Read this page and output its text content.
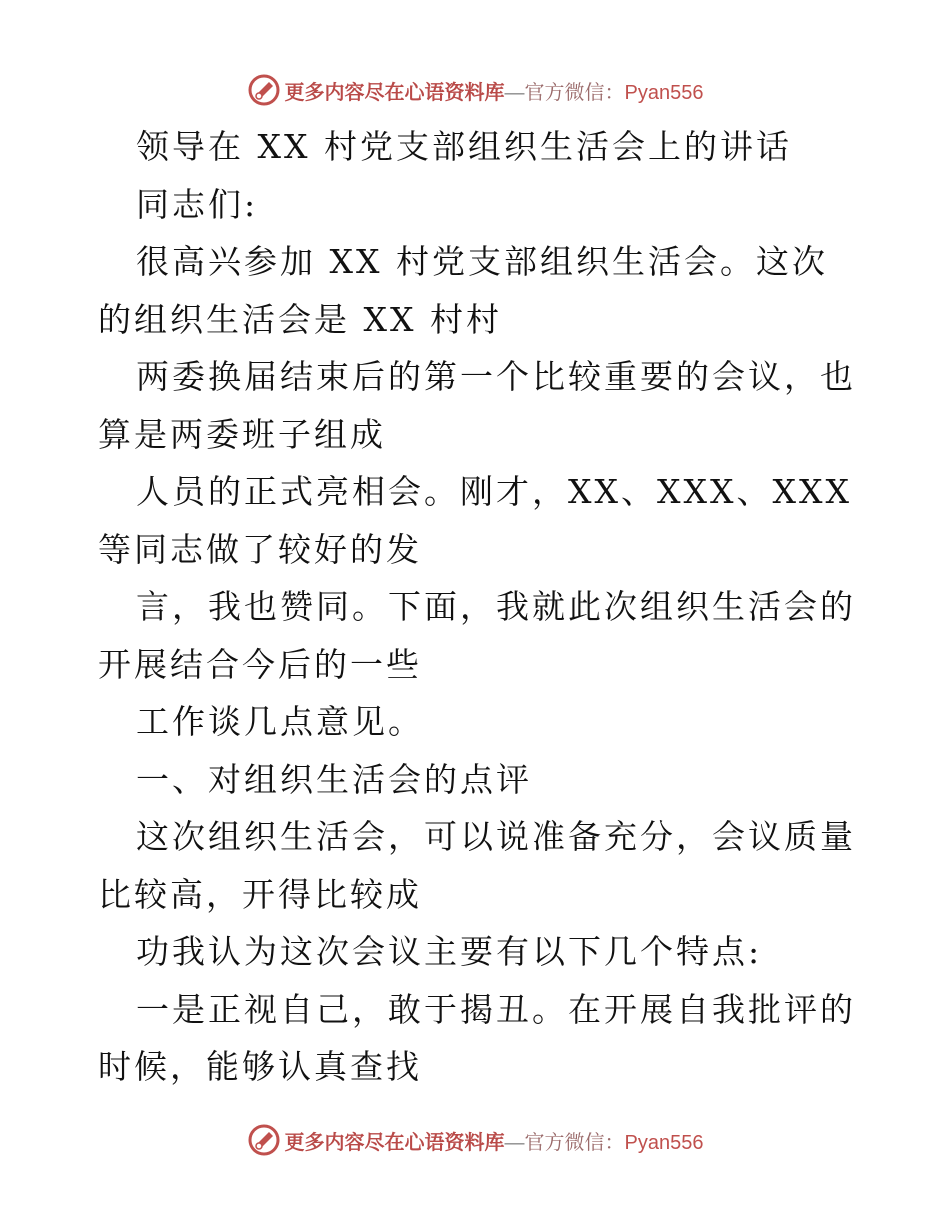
更多内容尽在心语资料库—官方微信：Pyan556

领导在 XX 村党支部组织生活会上的讲话

同志们:

很高兴参加 XX 村党支部组织生活会。这次的组织生活会是 XX 村村

两委换届结束后的第一个比较重要的会议，也算是两委班子组成

人员的正式亮相会。刚才，XX、XXX、XXX 等同志做了较好的发

言，我也赞同。下面，我就此次组织生活会的开展结合今后的一些

工作谈几点意见。

一、对组织生活会的点评

这次组织生活会，可以说准备充分，会议质量比较高，开得比较成

功我认为这次会议主要有以下几个特点:

一是正视自己，敢于揭丑。在开展自我批评的时候，能够认真查找

更多内容尽在心语资料库—官方微信：Pyan556
